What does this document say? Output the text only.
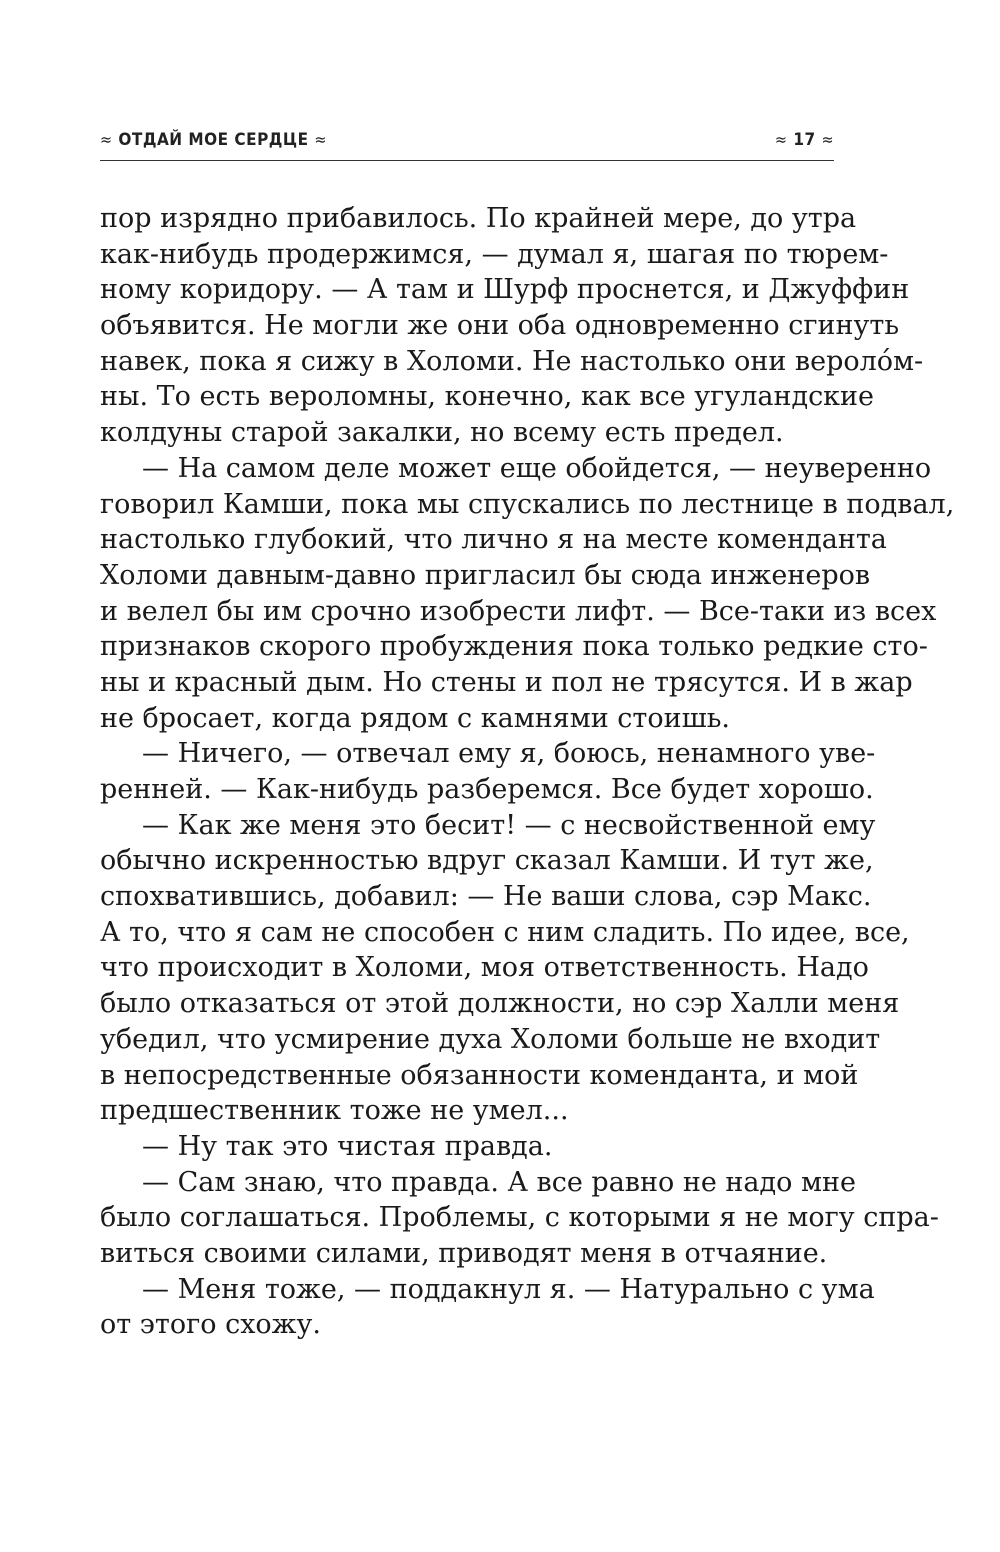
≈ ОТДАЙ МОЕ СЕРДЦЕ ≈	≈ 17 ≈
пор изрядно прибавилось. По крайней мере, до утра
как-нибудь продержимся, — думал я, шагая по тюрем-
ному коридору. — А там и Шурф проснется, и Джуффин
объявится. Не могли же они оба одновременно сгинуть
навек, пока я сижу в Холоми. Не настолько они вероло́м-
ны. То есть вероломны, конечно, как все угуландские
колдуны старой закалки, но всему есть предел.
— На самом деле может еще обойдется, — неуверенно
говорил Камши, пока мы спускались по лестнице в подвал,
настолько глубокий, что лично я на месте коменданта
Холоми давным-давно пригласил бы сюда инженеров
и велел бы им срочно изобрести лифт. — Все-таки из всех
признаков скорого пробуждения пока только редкие сто-
ны и красный дым. Но стены и пол не трясутся. И в жар
не бросает, когда рядом с камнями стоишь.
— Ничего, — отвечал ему я, боюсь, ненамного уве-
ренней. — Как-нибудь разберемся. Все будет хорошо.
— Как же меня это бесит! — с несвойственной ему
обычно искренностью вдруг сказал Камши. И тут же,
спохватившись, добавил: — Не ваши слова, сэр Макс.
А то, что я сам не способен с ним сладить. По идее, все,
что происходит в Холоми, моя ответственность. Надо
было отказаться от этой должности, но сэр Халли меня
убедил, что усмирение духа Холоми больше не входит
в непосредственные обязанности коменданта, и мой
предшественник тоже не умел...
— Ну так это чистая правда.
— Сам знаю, что правда. А все равно не надо мне
было соглашаться. Проблемы, с которыми я не могу спра-
виться своими силами, приводят меня в отчаяние.
— Меня тоже, — поддакнул я. — Натурально с ума
от этого схожу.
